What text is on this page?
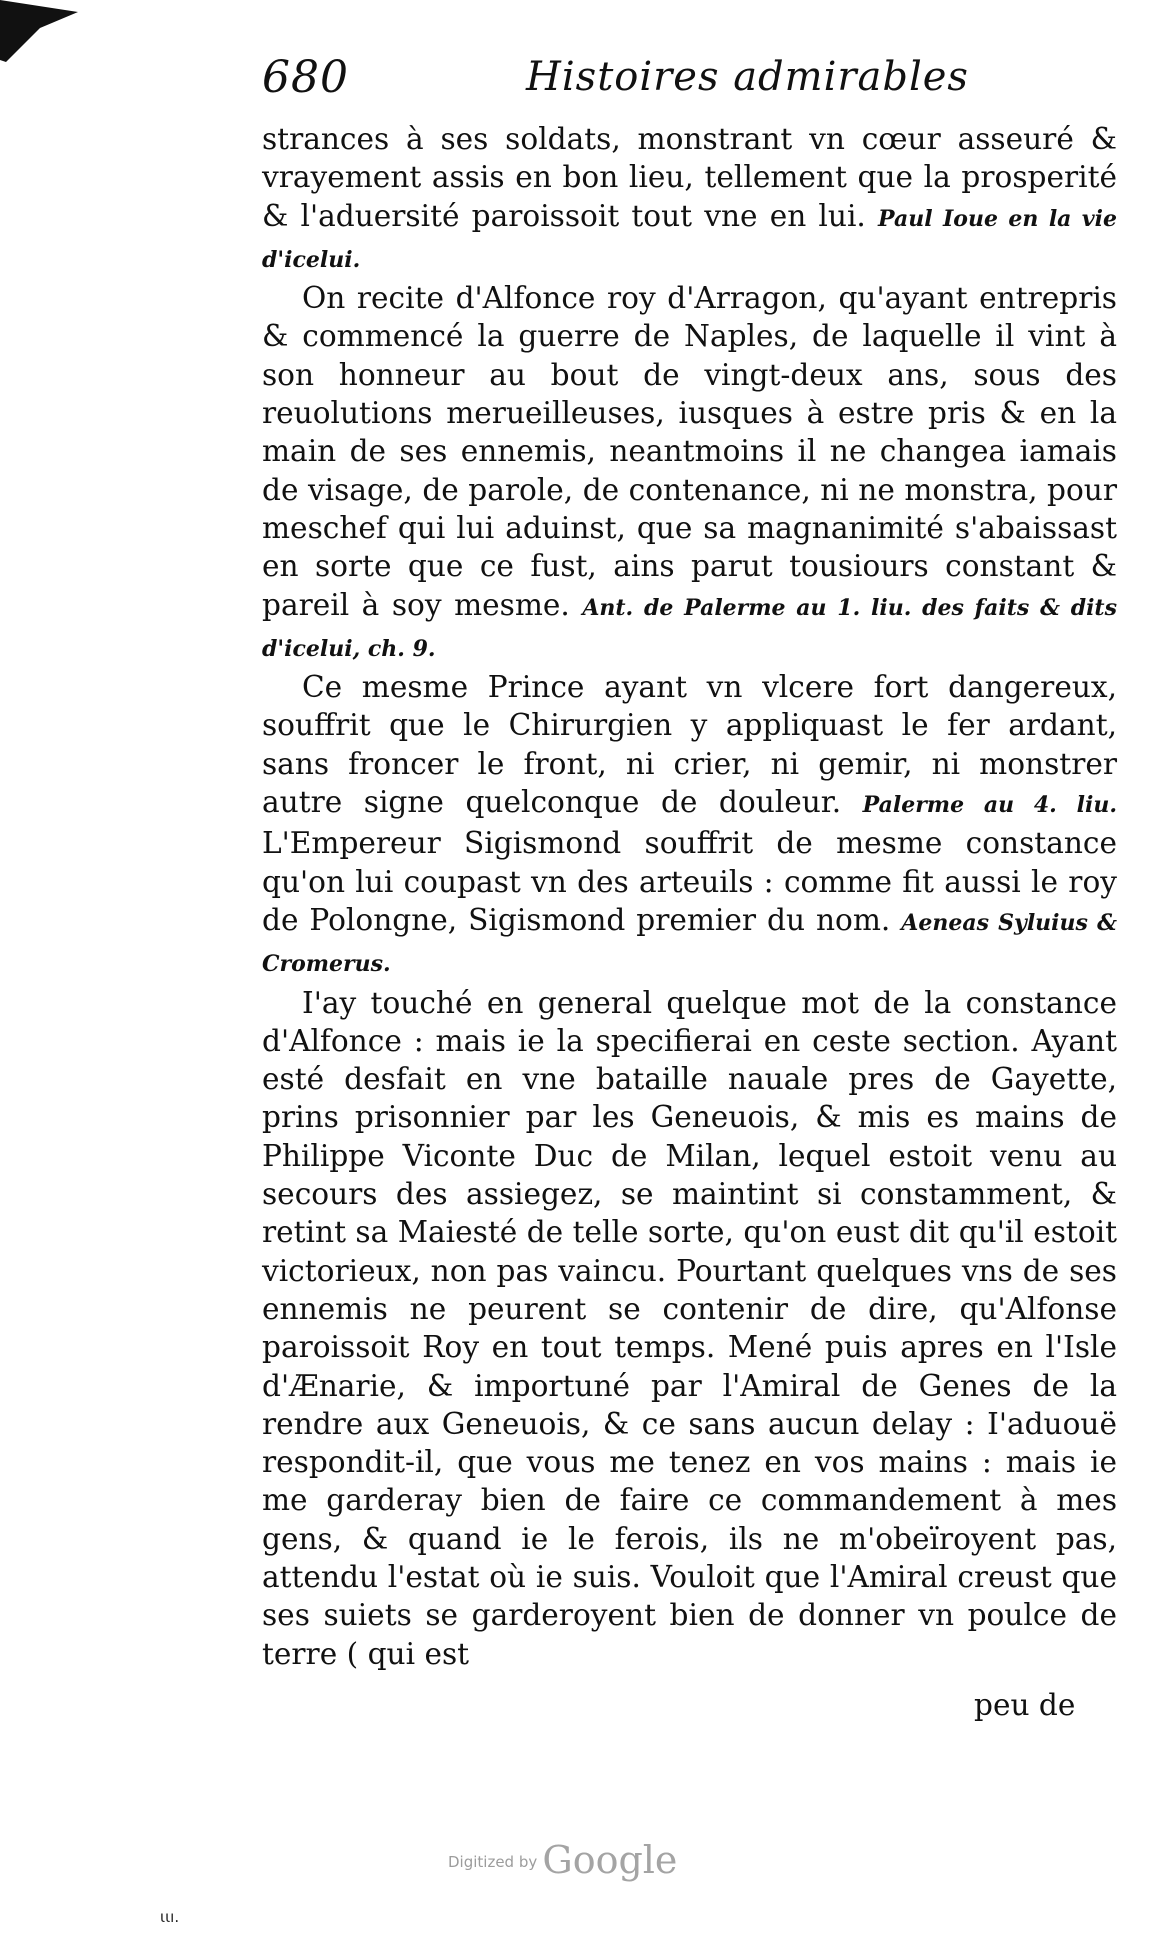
680	Histoires admirables

strances à ses soldats, monstrant vn cœur asseuré & vrayement assis en bon lieu, tellement que la prosperité & l'aduersité paroissoit tout vne en lui. Paul Ioue en la vie d'icelui.

On recite d'Alfonce roy d'Arragon, qu'ayant entrepris & commencé la guerre de Naples, de laquelle il vint à son honneur au bout de vingt-deux ans, sous des reuolutions merueilleuses, iusques à estre pris & en la main de ses ennemis, neantmoins il ne changea iamais de visage, de parole, de contenance, ni ne monstra, pour meschef qui lui aduinst, que sa magnanimité s'abaissast en sorte que ce fust, ains parut tousiours constant & pareil à soy mesme. Ant. de Palerme au 1. liu. des faits & dits d'icelui, ch. 9.

Ce mesme Prince ayant vn vlcere fort dangereux, souffrit que le Chirurgien y appliquast le fer ardant, sans froncer le front, ni crier, ni gemir, ni monstrer autre signe quelconque de douleur. Palerme au 4. liu. L'Empereur Sigismond souffrit de mesme constance qu'on lui coupast vn des arteuils : comme fit aussi le roy de Polongne, Sigismond premier du nom. Aeneas Syluius & Cromerus.

I'ay touché en general quelque mot de la constance d'Alfonce : mais ie la specifierai en ceste section. Ayant esté desfait en vne bataille nauale pres de Gayette, prins prisonnier par les Geneuois, & mis es mains de Philippe Viconte Duc de Milan, lequel estoit venu au secours des assiegez, se maintint si constamment, & retint sa Maiesté de telle sorte, qu'on eust dit qu'il estoit victorieux, non pas vaincu. Pourtant quelques vns de ses ennemis ne peurent se contenir de dire, qu'Alfonse paroissoit Roy en tout temps. Mené puis apres en l'Isle d'Ænarie, & importuné par l'Amiral de Genes de la rendre aux Geneuois, & ce sans aucun delay : I'aduouë respondit-il, que vous me tenez en vos mains : mais ie me garderay bien de faire ce commandement à mes gens, & quand ie le ferois, ils ne m'obeïroyent pas, attendu l'estat où ie suis. Vouloit que l'Amiral creust que ses suiets se garderoyent bien de donner vn poulce de terre ( qui est

peu de
Digitized by Google
ιιı.
